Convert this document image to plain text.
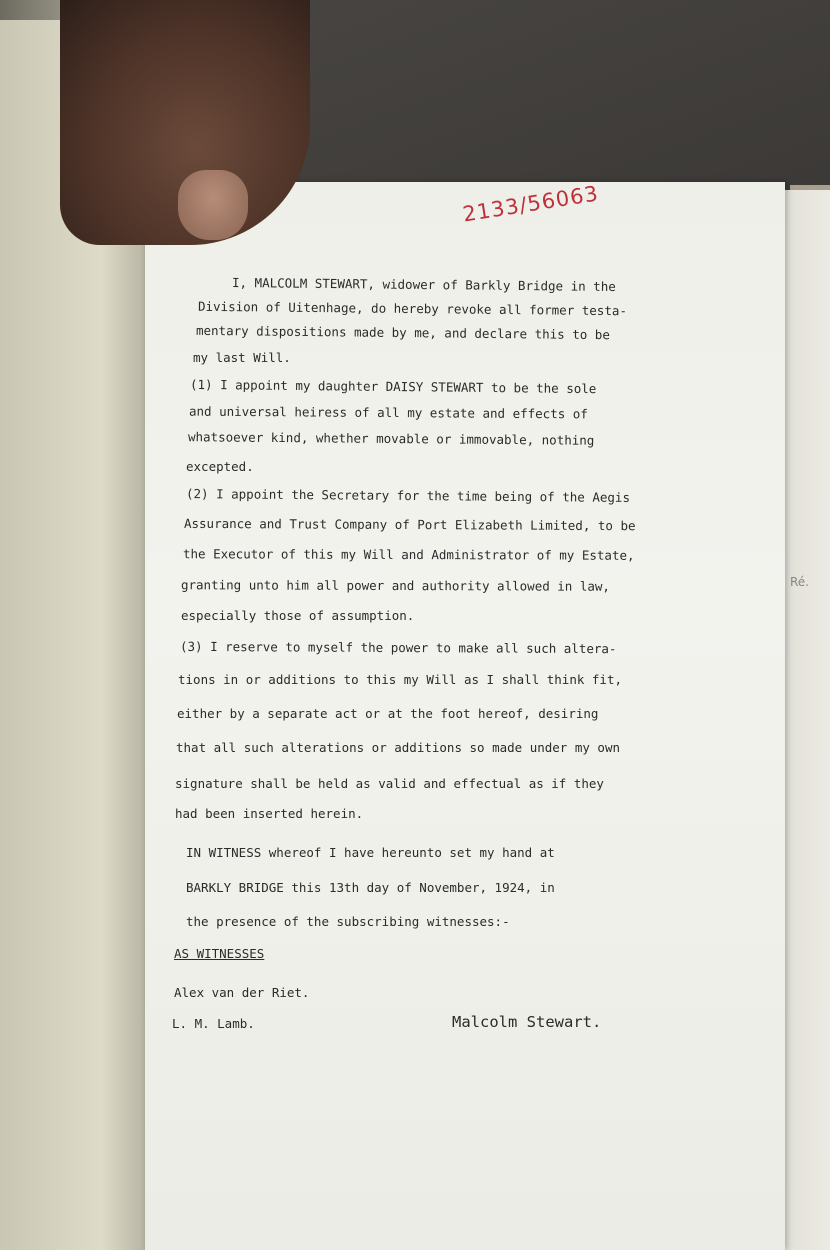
Ré.
2133/56063

I, MALCOLM STEWART, widower of Barkly Bridge in the

Division of Uitenhage, do hereby revoke all former testa-

mentary dispositions made by me, and declare this to be

my last Will.

(1) I appoint my daughter DAISY STEWART to be the sole

and universal heiress of all my estate and effects of

whatsoever kind, whether movable or immovable, nothing

excepted.

(2) I appoint the Secretary for the time being of the Aegis

Assurance and Trust Company of Port Elizabeth Limited, to be

the Executor of this my Will and Administrator of my Estate,

granting unto him all power and authority allowed in law,

especially those of assumption.

(3) I reserve to myself the power to make all such altera-

tions in or additions to this my Will as I shall think fit,

either by a separate act or at the foot hereof, desiring

that all such alterations or additions so made under my own

signature shall be held as valid and effectual as if they

had been inserted herein.

IN WITNESS whereof I have hereunto set my hand at

BARKLY BRIDGE this 13th day of November, 1924, in

the presence of the subscribing witnesses:-

AS WITNESSES

Alex van der Riet.

L. M. Lamb.	Malcolm Stewart.
